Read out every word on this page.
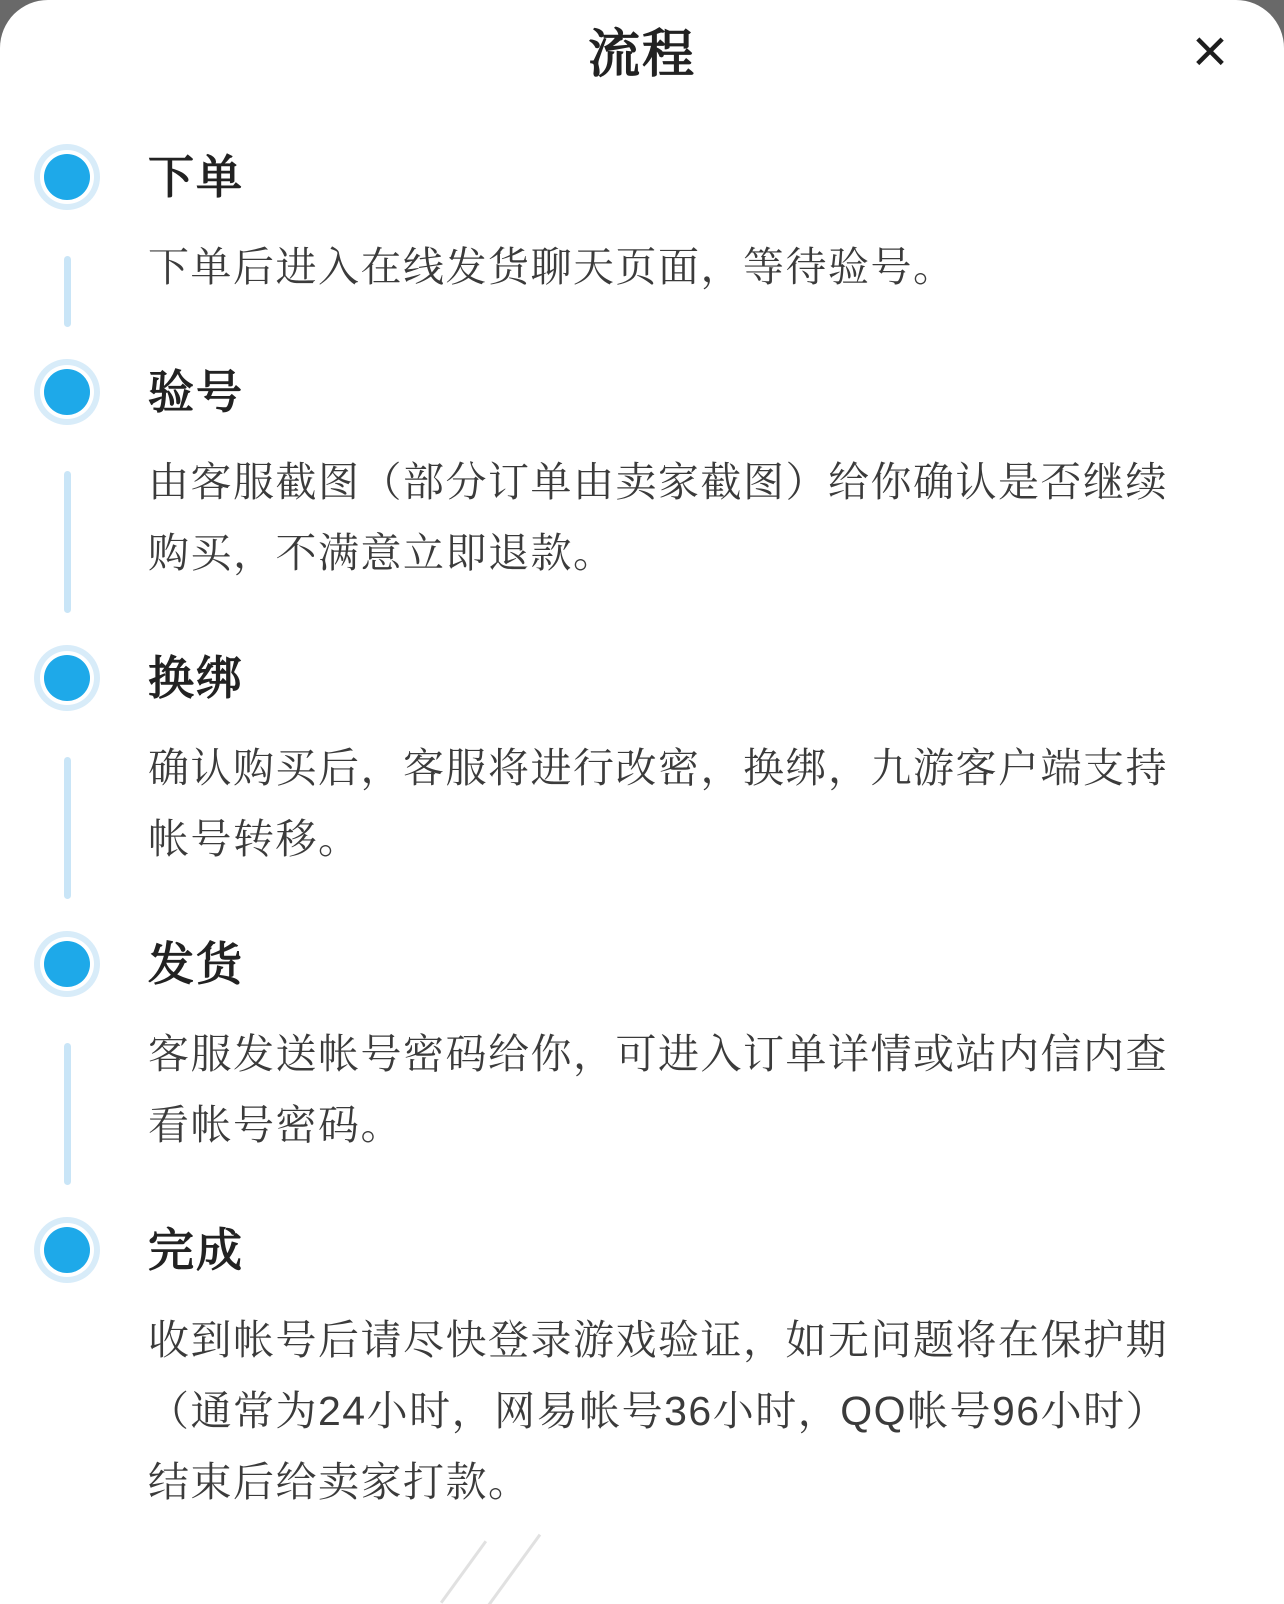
流程	×
下单

下单后进入在线发货聊天页面，等待验号。

验号

由客服截图（部分订单由卖家截图）给你确认是否继续购买，不满意立即退款。

换绑

确认购买后，客服将进行改密，换绑，九游客户端支持帐号转移。

发货

客服发送帐号密码给你，可进入订单详情或站内信内查看帐号密码。

完成

收到帐号后请尽快登录游戏验证，如无问题将在保护期（通常为24小时，网易帐号36小时，QQ帐号96小时）结束后给卖家打款。
